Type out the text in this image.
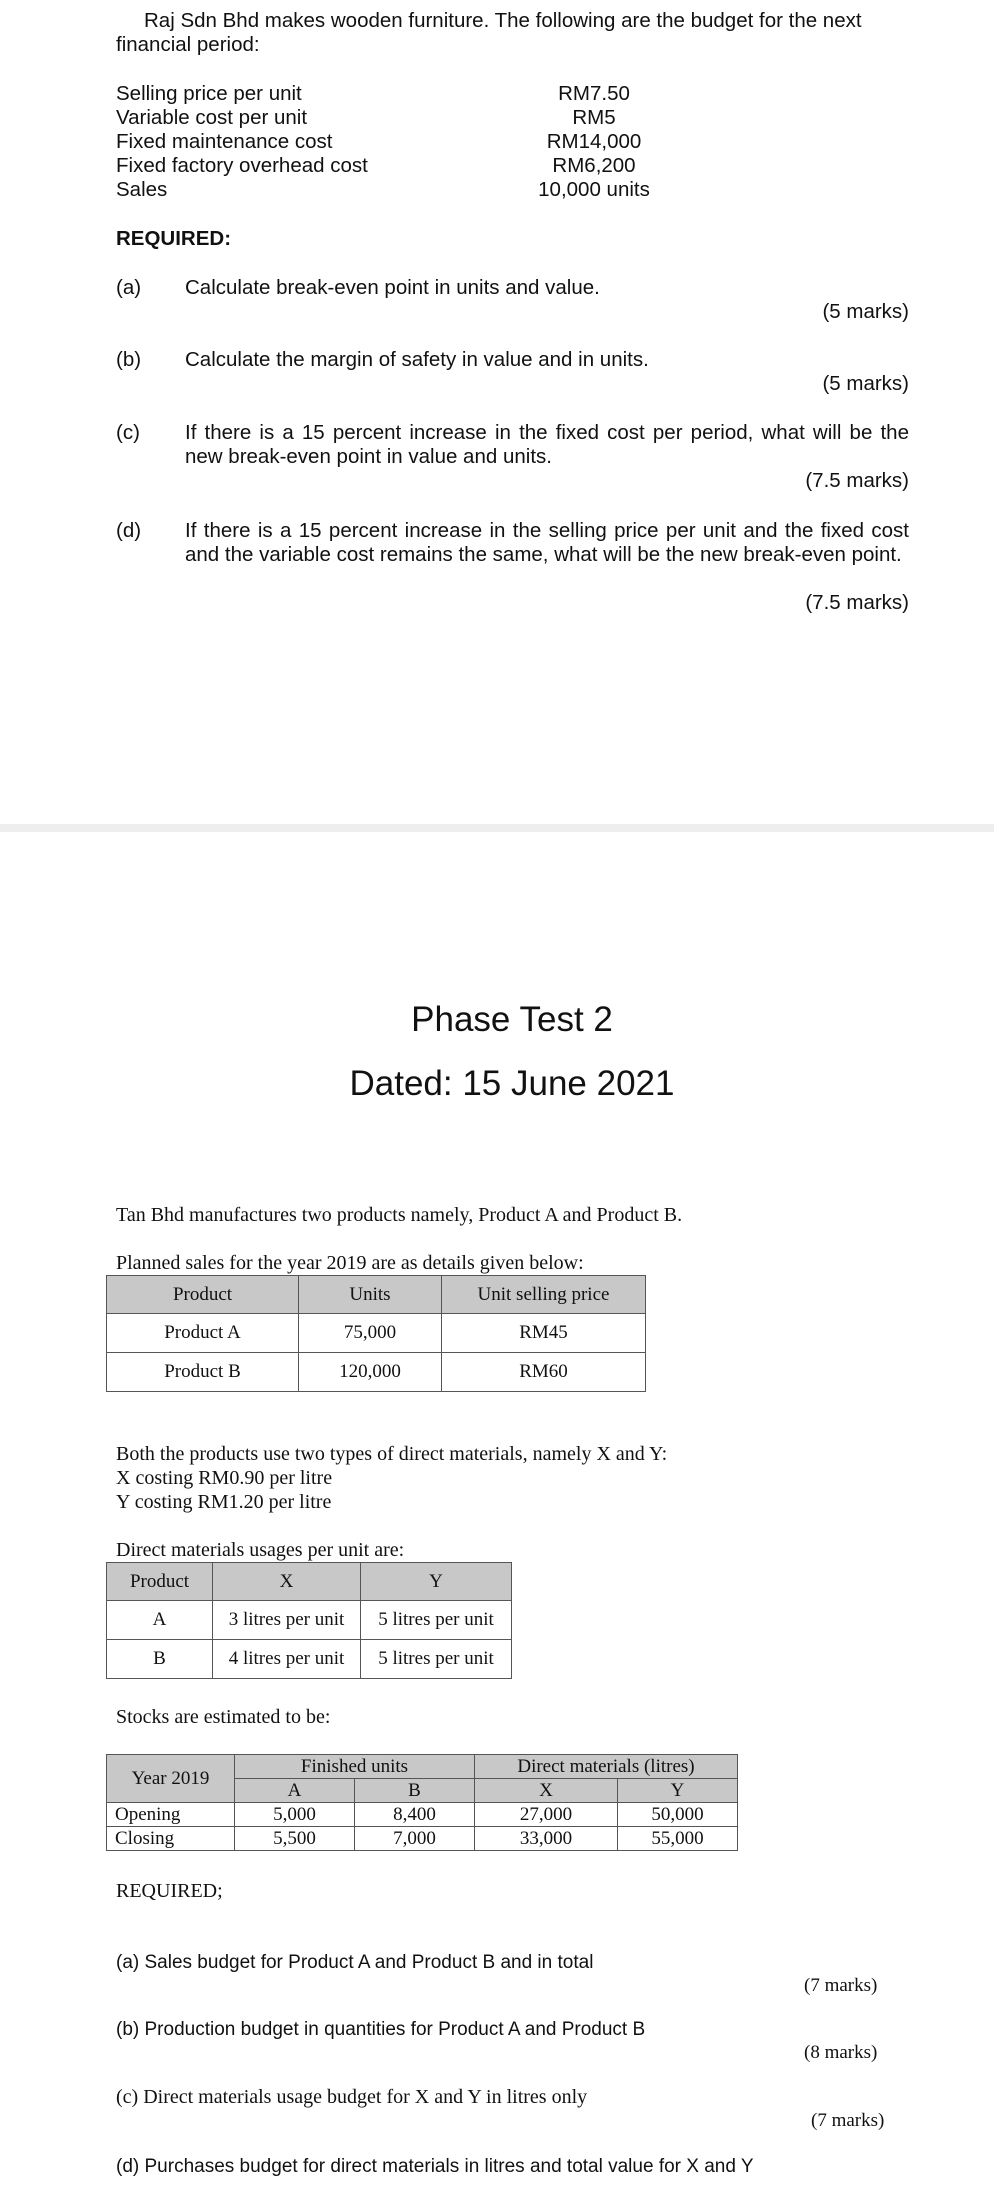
Raj Sdn Bhd makes wooden furniture. The following are the budget for the next
financial period:
Selling price per unit	RM7.50
Variable cost per unit	RM5
Fixed maintenance cost	RM14,000
Fixed factory overhead cost	RM6,200
Sales	10,000 units
REQUIRED:
(a) Calculate break-even point in units and value.
(5 marks)
(b) Calculate the margin of safety in value and in units.
(5 marks)
(c) If there is a 15 percent increase in the fixed cost per period, what will be the new break-even point in value and units.
(7.5 marks)
(d) If there is a 15 percent increase in the selling price per unit and the fixed cost and the variable cost remains the same, what will be the new break-even point.
(7.5 marks)
Phase Test 2
Dated: 15 June 2021
Tan Bhd manufactures two products namely, Product A and Product B.
Planned sales for the year 2019 are as details given below:
Product	Units	Unit selling price
Product A	75,000	RM45
Product B	120,000	RM60
Both the products use two types of direct materials, namely X and Y:
X costing RM0.90 per litre
Y costing RM1.20 per litre
Direct materials usages per unit are:
Product	X	Y
A	3 litres per unit	5 litres per unit
B	4 litres per unit	5 litres per unit
Stocks are estimated to be:
Year 2019	Finished units		Direct materials (litres)	
	A	B	X	Y
Opening	5,000	8,400	27,000	50,000
Closing	5,500	7,000	33,000	55,000
REQUIRED;
(a) Sales budget for Product A and Product B and in total
(7 marks)
(b) Production budget in quantities for Product A and Product B
(8 marks)
(c) Direct materials usage budget for X and Y in litres only
(7 marks)
(d) Purchases budget for direct materials in litres and total value for X and Y
